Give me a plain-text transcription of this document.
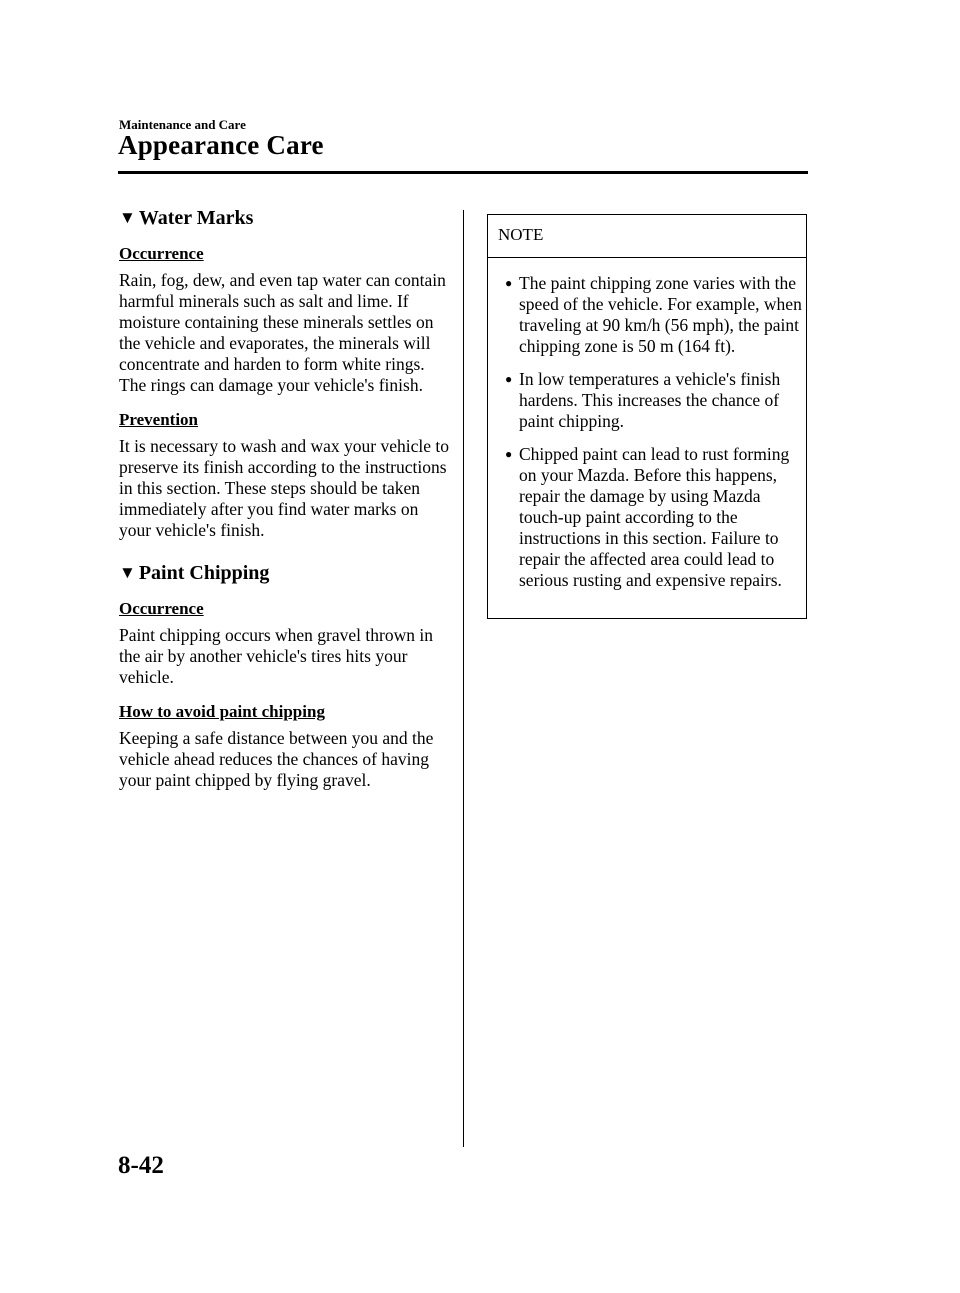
Maintenance and Care
Appearance Care
▼ Water Marks
Occurrence

Rain, fog, dew, and even tap water can contain harmful minerals such as salt and lime. If moisture containing these minerals settles on the vehicle and evaporates, the minerals will concentrate and harden to form white rings. The rings can damage your vehicle's finish.

Prevention

It is necessary to wash and wax your vehicle to preserve its finish according to the instructions in this section. These steps should be taken immediately after you find water marks on your vehicle's finish.

▼ Paint Chipping
Occurrence

Paint chipping occurs when gravel thrown in the air by another vehicle's tires hits your vehicle.

How to avoid paint chipping

Keeping a safe distance between you and the vehicle ahead reduces the chances of having your paint chipped by flying gravel.

NOTE
● The paint chipping zone varies with the speed of the vehicle. For example, when traveling at 90 km/h (56 mph), the paint chipping zone is 50 m (164 ft).
● In low temperatures a vehicle's finish hardens. This increases the chance of paint chipping.
● Chipped paint can lead to rust forming on your Mazda. Before this happens, repair the damage by using Mazda touch-up paint according to the instructions in this section. Failure to repair the affected area could lead to serious rusting and expensive repairs.
8-42
